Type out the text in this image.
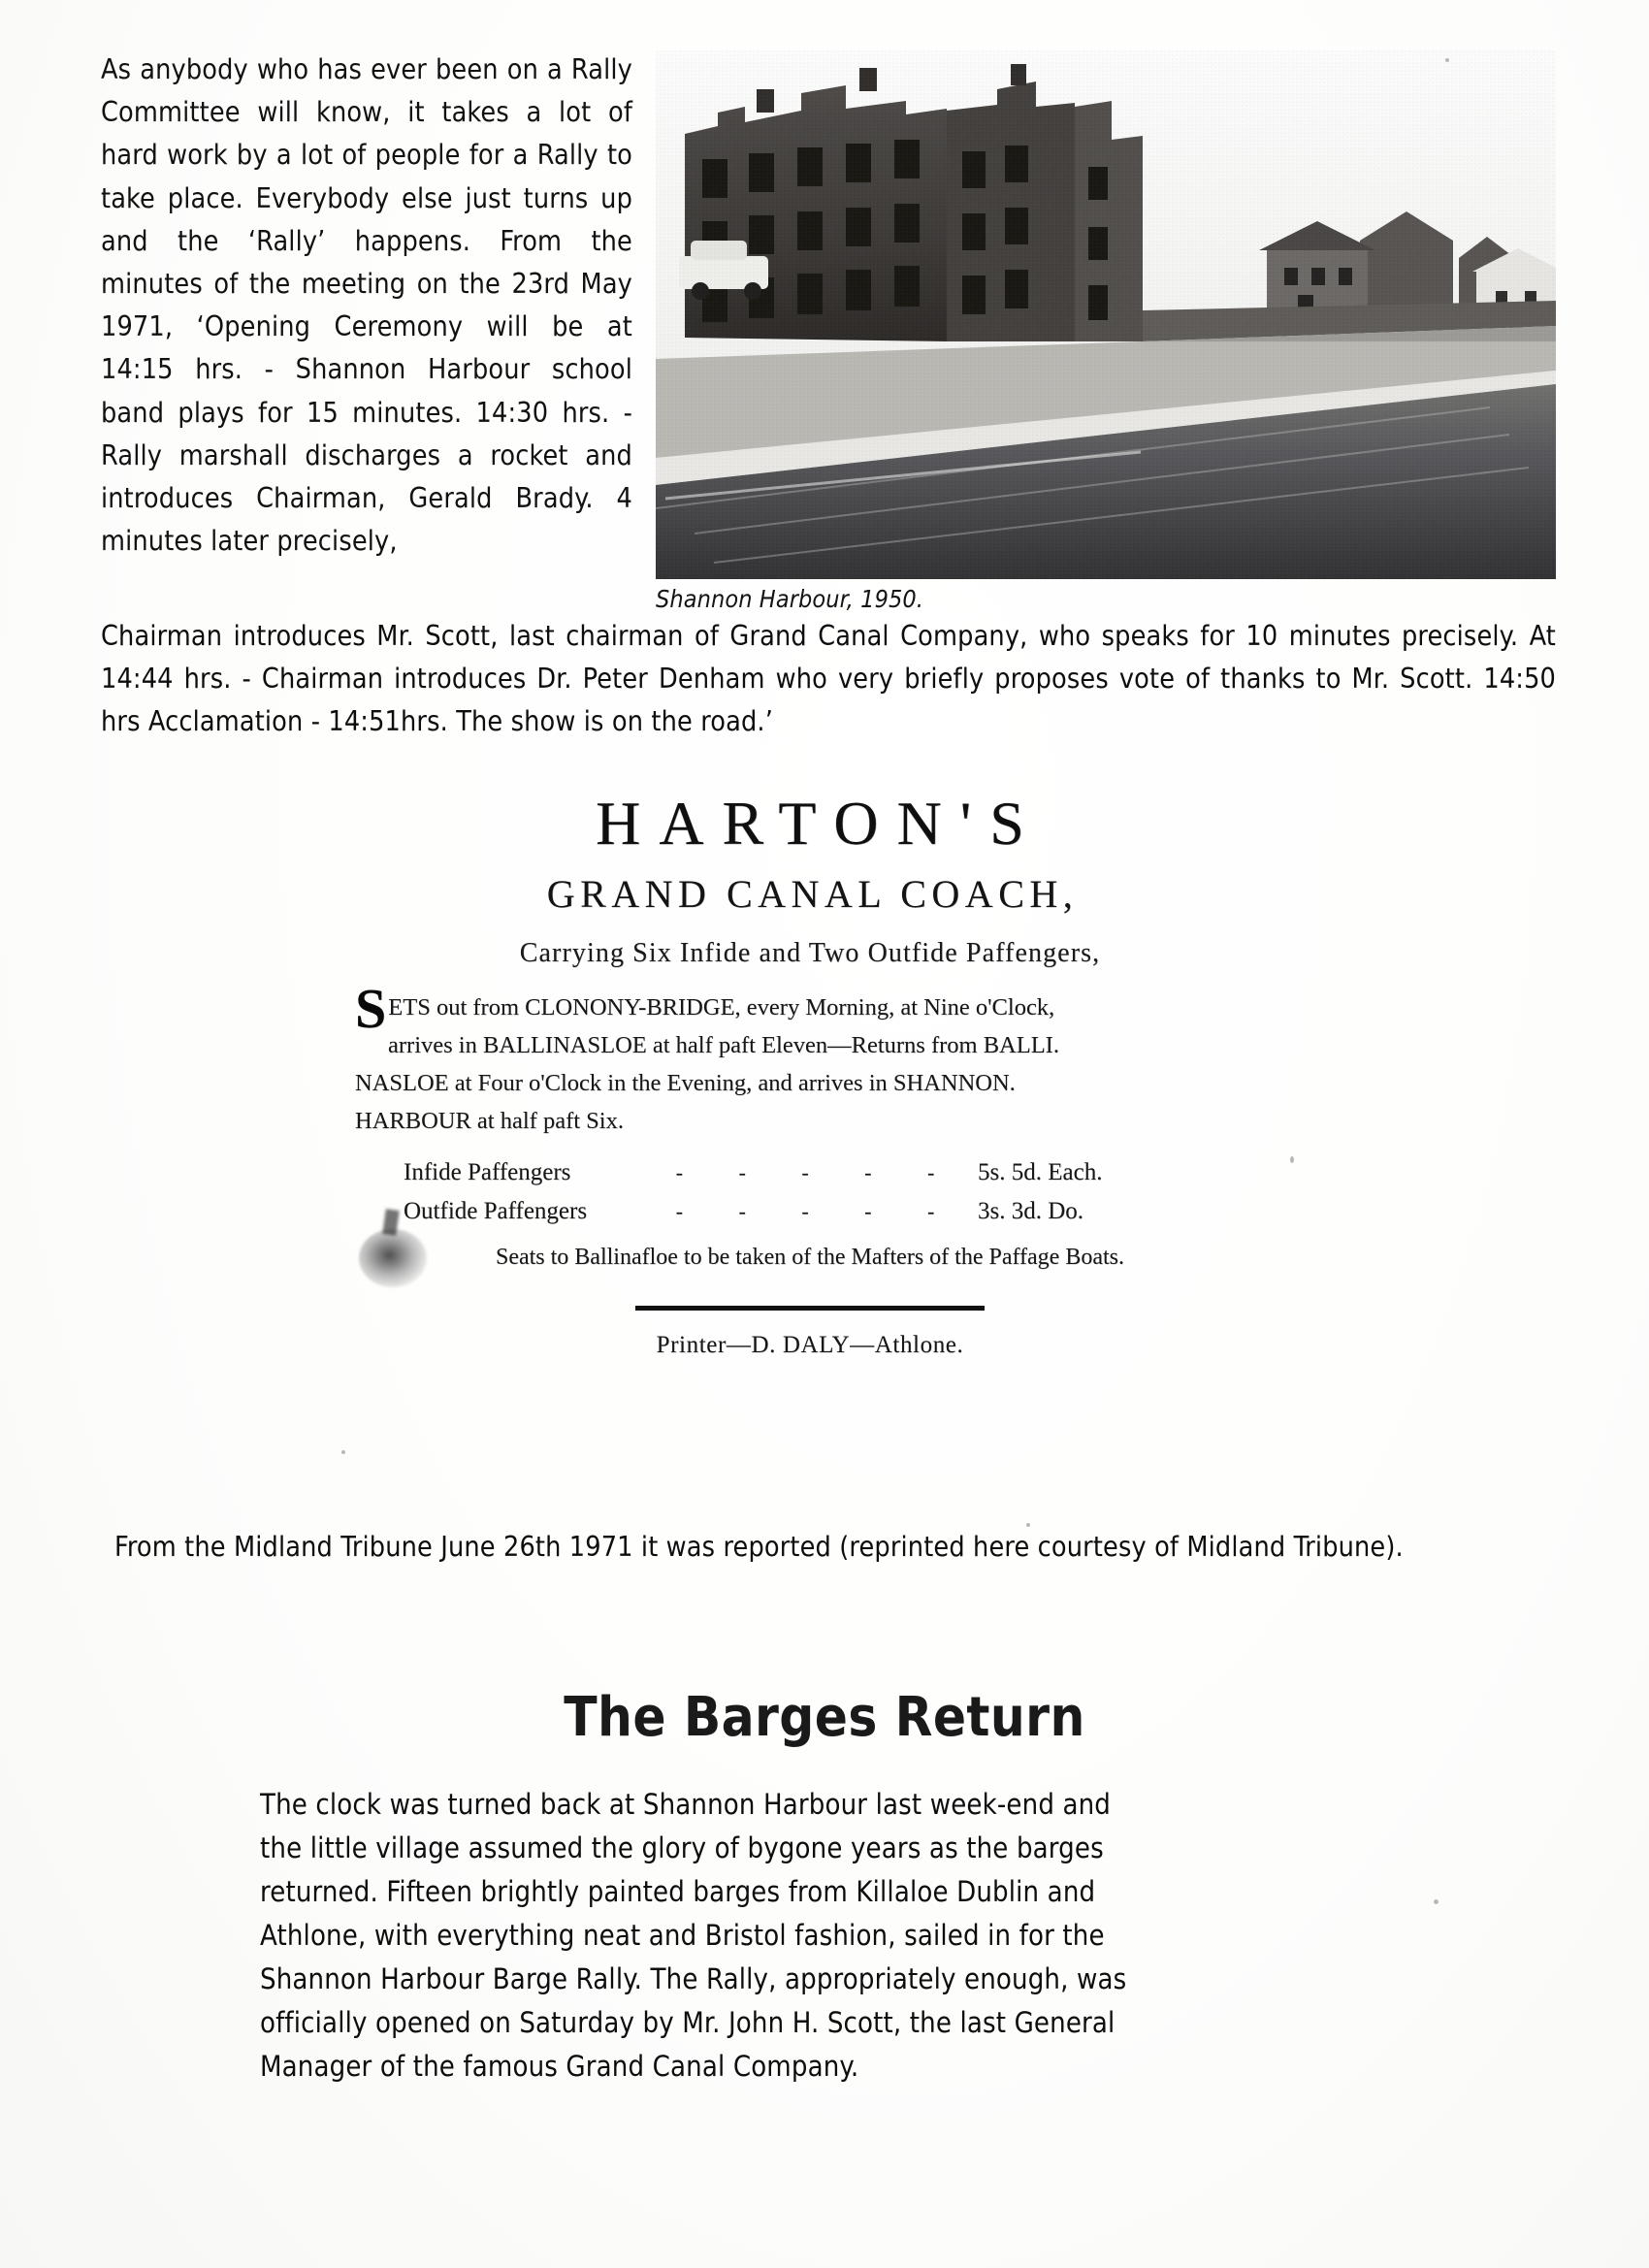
Shannon Harbour, 1950.

As anybody who has ever been on a Rally Committee will know, it takes a lot of hard work by a lot of people for a Rally to take place. Everybody else just turns up and the ‘Rally’ happens. From the minutes of the meeting on the 23rd May 1971, ‘Opening Ceremony will be at 14:15 hrs. - Shannon Harbour school band plays for 15 minutes. 14:30 hrs. - Rally marshall discharges a rocket and introduces Chairman, Gerald Brady. 4 minutes later precisely,

Chairman introduces Mr. Scott, last chairman of Grand Canal Company, who speaks for 10 minutes precisely. At 14:44 hrs. - Chairman introduces Dr. Peter Denham who very briefly proposes vote of thanks to Mr. Scott. 14:50 hrs Acclamation - 14:51hrs. The show is on the road.’

HARTON'S
GRAND CANAL COACH,
Carrying Six Infide and Two Outfide Paffengers,

SETS out from CLONONY-BRIDGE, every Morning, at Nine o'Clock,

arrives in BALLINASLOE at half paft Eleven—Returns from BALLI.

NASLOE at Four o'Clock in the Evening, and arrives in SHANNON.

HARBOUR at half paft Six.

Infide Paffengers	- - - - - 5s. 5d. Each.
Outfide Paffengers	- - - - - 3s. 3d. Do.
Seats to Ballinafloe to be taken of the Mafters of the Paffage Boats.
Printer—D. DALY—Athlone.
From the Midland Tribune June 26th 1971 it was reported (reprinted here courtesy of Midland Tribune).
The Barges Return
The clock was turned back at Shannon Harbour last week-end and the little village assumed the glory of bygone years as the barges returned. Fifteen brightly painted barges from Killaloe Dublin and Athlone, with everything neat and Bristol fashion, sailed in for the Shannon Harbour Barge Rally. The Rally, appropriately enough, was officially opened on Saturday by Mr. John H. Scott, the last General Manager of the famous Grand Canal Company.
